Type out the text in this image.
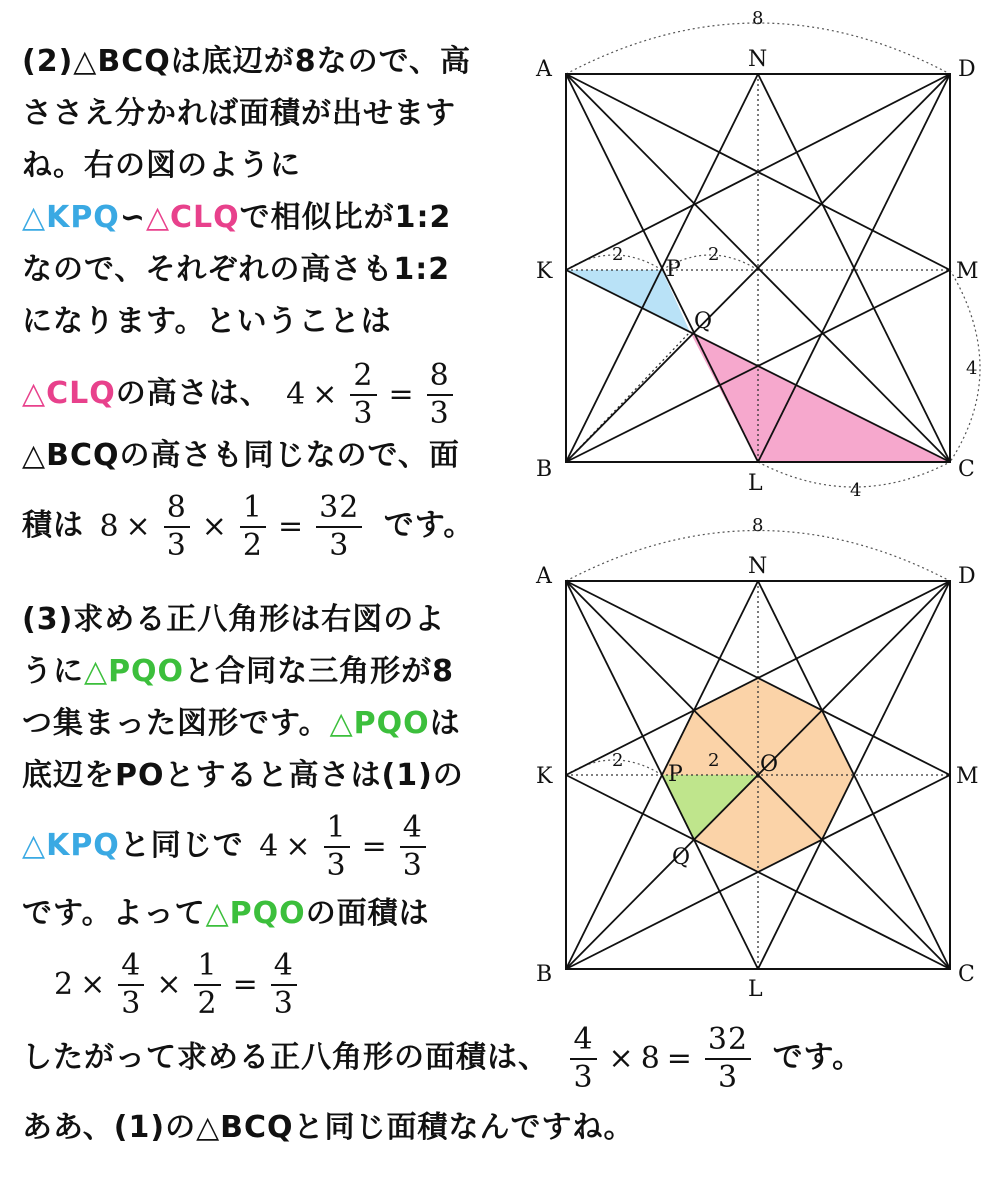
(2)△BCQは底辺が8なので、高
ささえ分かれば面積が出せます
ね。右の図のように
△KPQ∽△CLQで相似比が1:2
なので、それぞれの高さも1:2
になります。ということは
△CLQの高さは、 $4 \times \frac{2}{3} = \frac{8}{3}$
△BCQの高さも同じなので、面
積は $8 \times \frac{8}{3} \times \frac{1}{2} = \frac{32}{3}$ です。
(3)求める正八角形は右図のよ
うに△PQOと合同な三角形が8
つ集まった図形です。△PQOは
底辺をPOとすると高さは(1)の
△KPQと同じで $4 \times \frac{1}{3} = \frac{4}{3}$
です。よって△PQOの面積は
$2 \times \frac{4}{3} \times \frac{1}{2} = \frac{4}{3}$
したがって求める正八角形の面積は、 $\frac{4}{3} \times 8 = \frac{32}{3}$ です。
ああ、(1)の△BCQと同じ面積なんですね。
A	N	D
K	P
Q
M
B
L
C
8
2	2
4
4
A	N	D
K	P	O
Q
M
B
L
C
8
2	2
